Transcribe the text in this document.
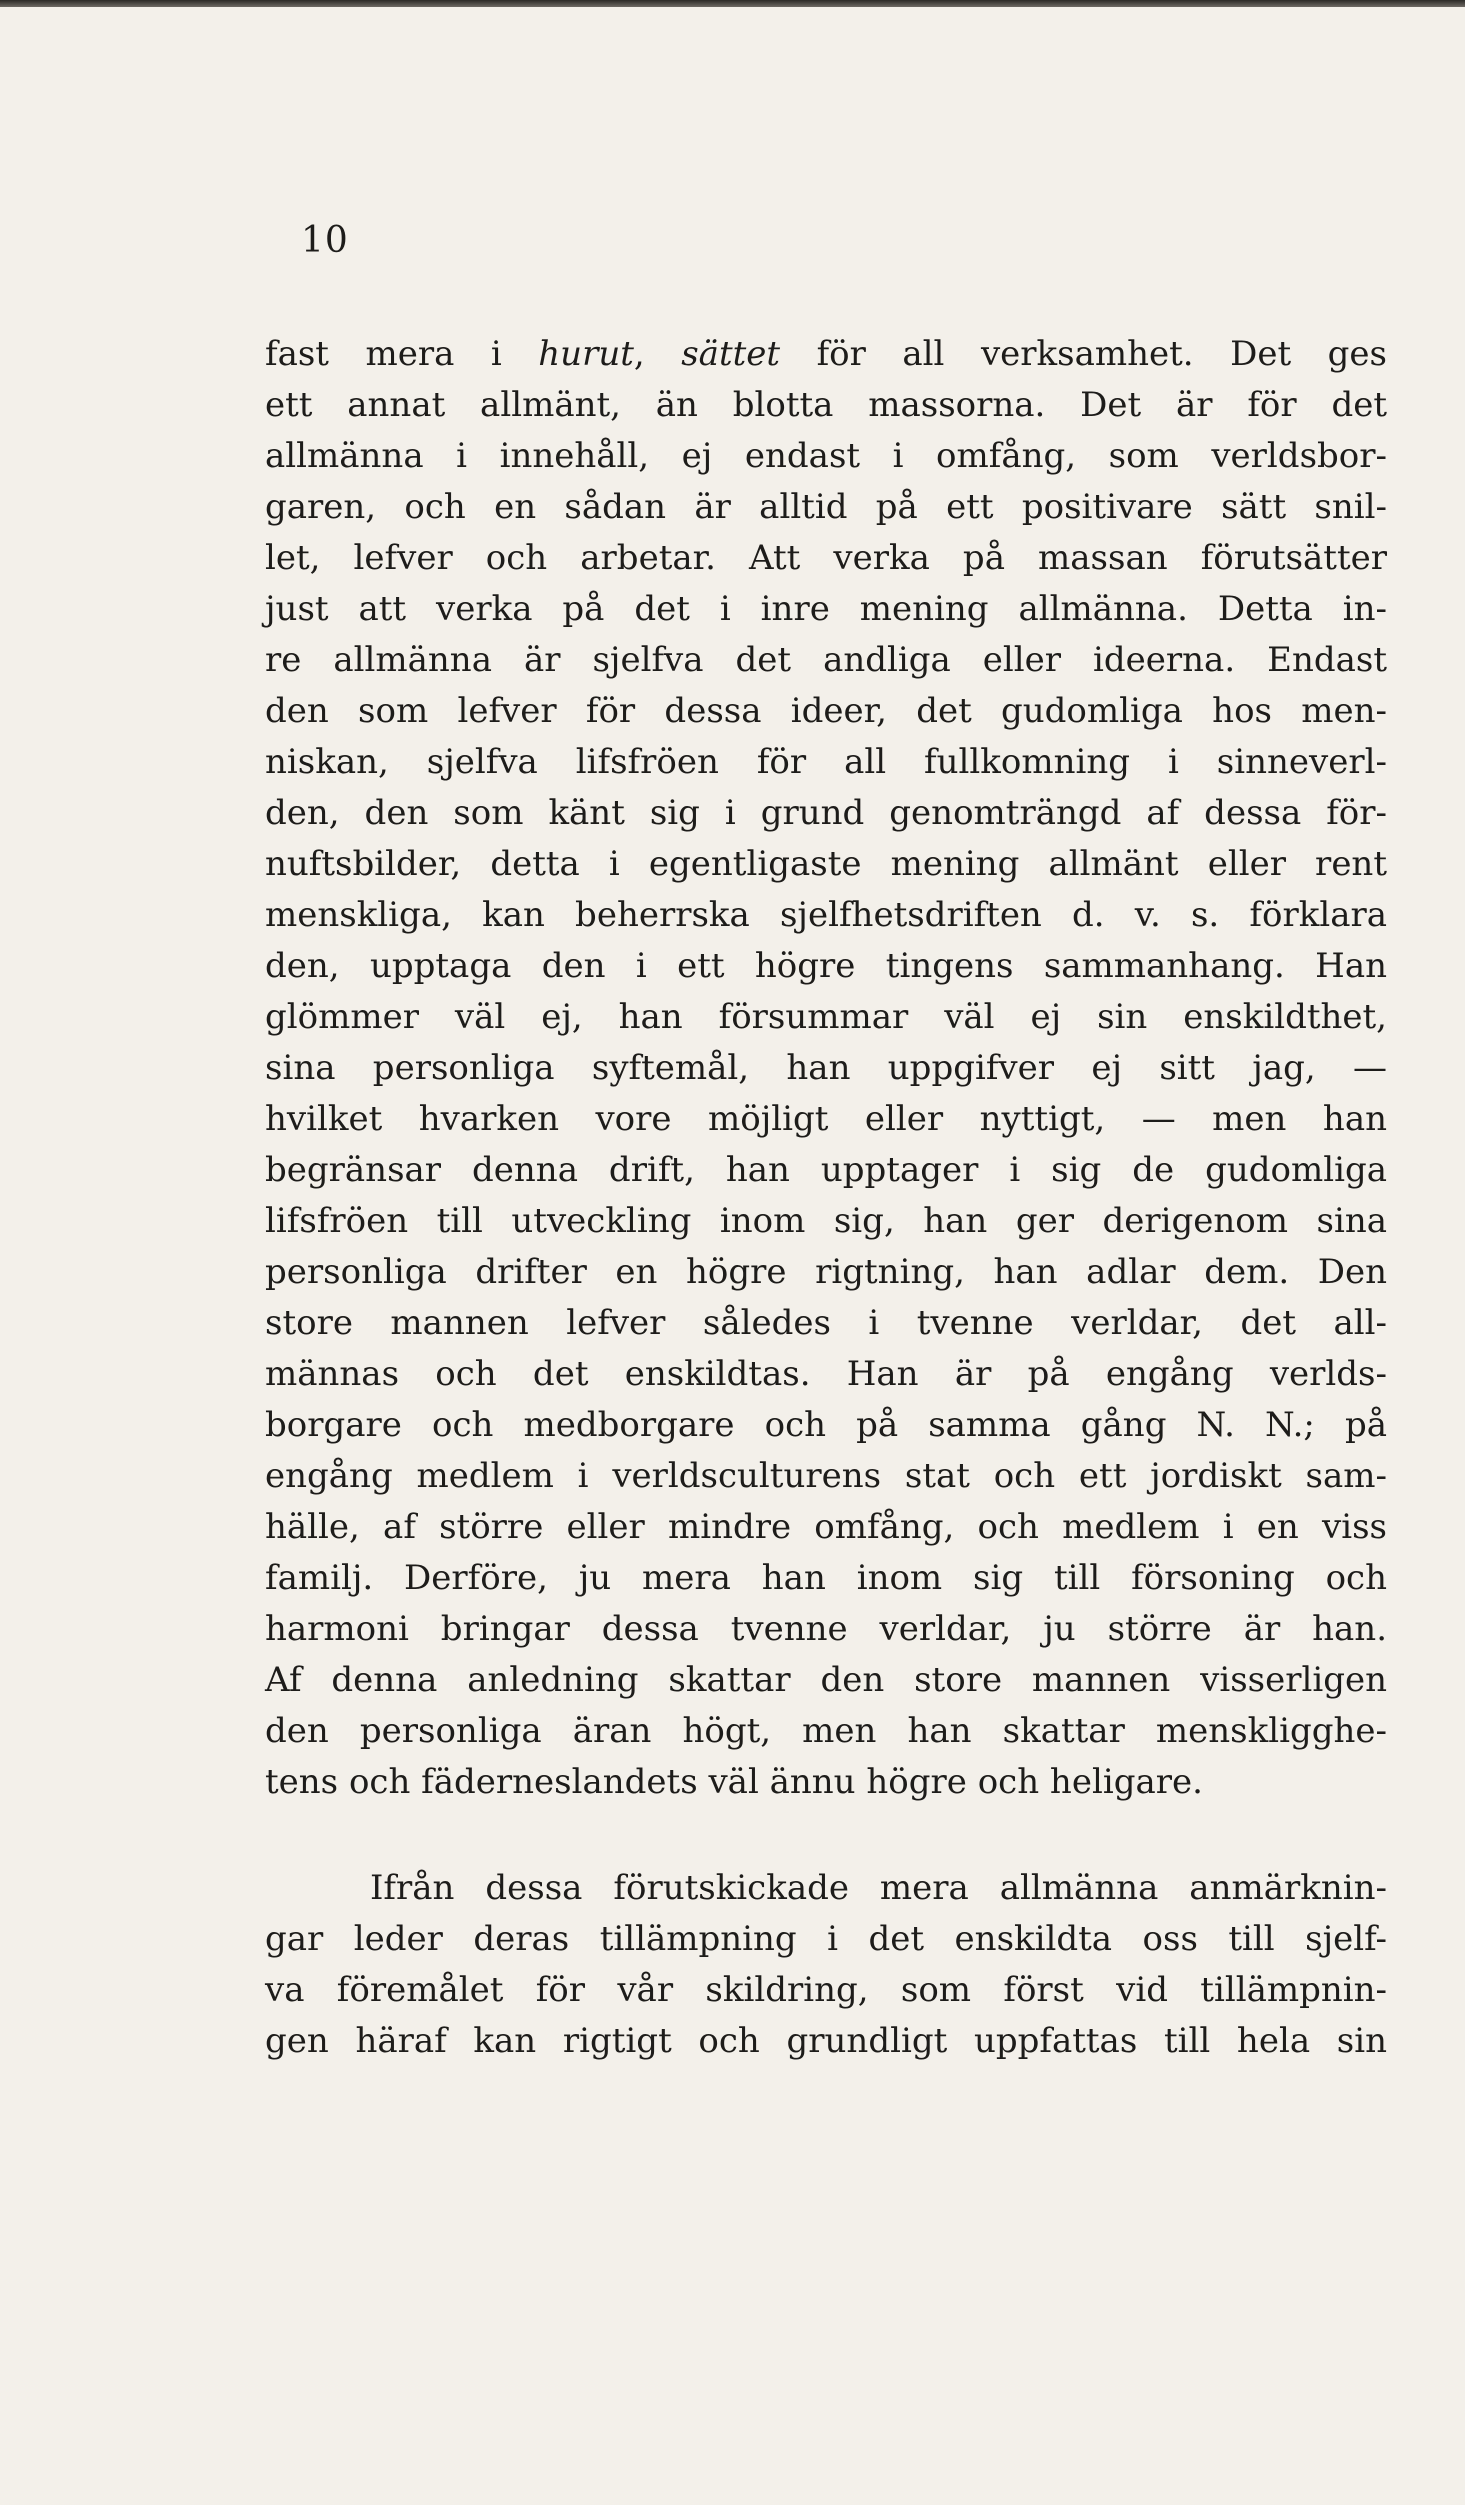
10
fast mera i hurut, sättet för all verksamhet. Det ges
ett annat allmänt, än blotta massorna. Det är för det
allmänna i innehåll, ej endast i omfång, som verldsbor-
garen, och en sådan är alltid på ett positivare sätt snil-
let, lefver och arbetar. Att verka på massan förutsätter
just att verka på det i inre mening allmänna. Detta in-
re allmänna är sjelfva det andliga eller ideerna. Endast
den som lefver för dessa ideer, det gudomliga hos men-
niskan, sjelfva lifsfröen för all fullkomning i sinneverl-
den, den som känt sig i grund genomträngd af dessa för-
nuftsbilder, detta i egentligaste mening allmänt eller rent
menskliga, kan beherrska sjelfhetsdriften d. v. s. förklara
den, upptaga den i ett högre tingens sammanhang. Han
glömmer väl ej, han försummar väl ej sin enskildthet,
sina personliga syftemål, han uppgifver ej sitt jag, —
hvilket hvarken vore möjligt eller nyttigt, — men han
begränsar denna drift, han upptager i sig de gudomliga
lifsfröen till utveckling inom sig, han ger derigenom sina
personliga drifter en högre rigtning, han adlar dem. Den
store mannen lefver således i tvenne verldar, det all-
männas och det enskildtas. Han är på engång verlds-
borgare och medborgare och på samma gång N. N.; på
engång medlem i verldsculturens stat och ett jordiskt sam-
hälle, af större eller mindre omfång, och medlem i en viss
familj. Derföre, ju mera han inom sig till försoning och
harmoni bringar dessa tvenne verldar, ju större är han.
Af denna anledning skattar den store mannen visserligen
den personliga äran högt, men han skattar menskligghe-
tens och fäderneslandets väl ännu högre och heligare.
Ifrån dessa förutskickade mera allmänna anmärknin-
gar leder deras tillämpning i det enskildta oss till sjelf-
va föremålet för vår skildring, som först vid tillämpnin-
gen häraf kan rigtigt och grundligt uppfattas till hela sin
